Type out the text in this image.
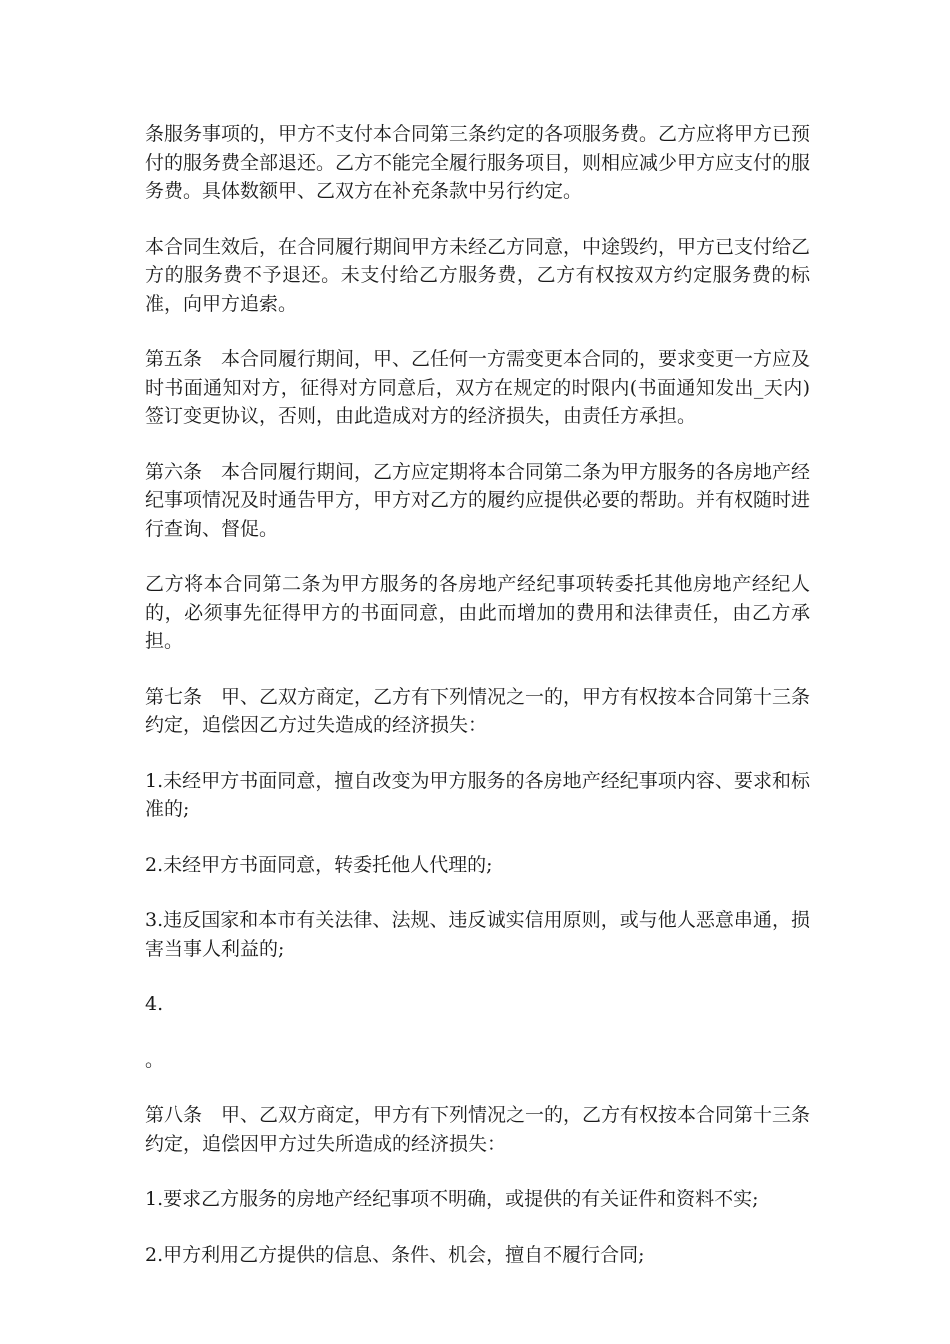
条服务事项的，甲方不支付本合同第三条约定的各项服务费。乙方应将甲方已预付的服务费全部退还。乙方不能完全履行服务项目，则相应减少甲方应支付的服务费。具体数额甲、乙双方在补充条款中另行约定。

本合同生效后，在合同履行期间甲方未经乙方同意，中途毁约，甲方已支付给乙方的服务费不予退还。未支付给乙方服务费，乙方有权按双方约定服务费的标准，向甲方追索。

第五条　本合同履行期间，甲、乙任何一方需变更本合同的，要求变更一方应及时书面通知对方，征得对方同意后，双方在规定的时限内(书面通知发出_天内)签订变更协议，否则，由此造成对方的经济损失，由责任方承担。

第六条　本合同履行期间，乙方应定期将本合同第二条为甲方服务的各房地产经纪事项情况及时通告甲方，甲方对乙方的履约应提供必要的帮助。并有权随时进行查询、督促。

乙方将本合同第二条为甲方服务的各房地产经纪事项转委托其他房地产经纪人的，必须事先征得甲方的书面同意，由此而增加的费用和法律责任，由乙方承担。

第七条　甲、乙双方商定，乙方有下列情况之一的，甲方有权按本合同第十三条约定，追偿因乙方过失造成的经济损失：

1.未经甲方书面同意，擅自改变为甲方服务的各房地产经纪事项内容、要求和标准的;

2.未经甲方书面同意，转委托他人代理的;

3.违反国家和本市有关法律、法规、违反诚实信用原则，或与他人恶意串通，损害当事人利益的;

4.

。

第八条　甲、乙双方商定，甲方有下列情况之一的，乙方有权按本合同第十三条约定，追偿因甲方过失所造成的经济损失：

1.要求乙方服务的房地产经纪事项不明确，或提供的有关证件和资料不实;

2.甲方利用乙方提供的信息、条件、机会，擅自不履行合同;
